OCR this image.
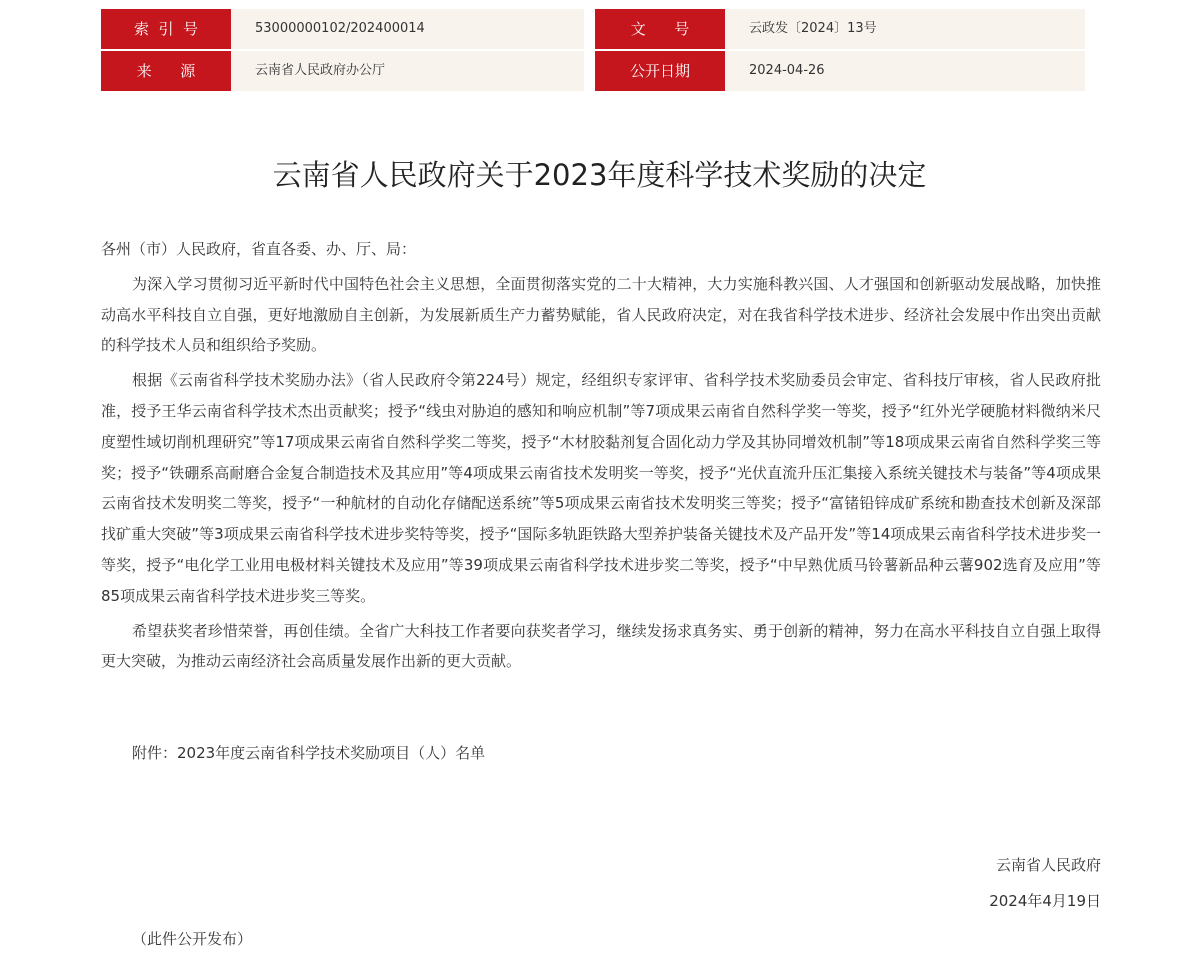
索  引  号	53000000102/202400014	文      号	云政发〔2024〕13号
来      源	云南省人民政府办公厅	公开日期	2024-04-26
云南省人民政府关于2023年度科学技术奖励的决定

各州（市）人民政府，省直各委、办、厅、局：

为深入学习贯彻习近平新时代中国特色社会主义思想，全面贯彻落实党的二十大精神，大力实施科教兴国、人才强国和创新驱动发展战略，加快推动高水平科技自立自强，更好地激励自主创新，为发展新质生产力蓄势赋能，省人民政府决定，对在我省科学技术进步、经济社会发展中作出突出贡献的科学技术人员和组织给予奖励。

根据《云南省科学技术奖励办法》（省人民政府令第224号）规定，经组织专家评审、省科学技术奖励委员会审定、省科技厅审核，省人民政府批准，授予王华云南省科学技术杰出贡献奖；授予“线虫对胁迫的感知和响应机制”等7项成果云南省自然科学奖一等奖，授予“红外光学硬脆材料微纳米尺度塑性域切削机理研究”等17项成果云南省自然科学奖二等奖，授予“木材胶黏剂复合固化动力学及其协同增效机制”等18项成果云南省自然科学奖三等奖；授予“铁硼系高耐磨合金复合制造技术及其应用”等4项成果云南省技术发明奖一等奖，授予“光伏直流升压汇集接入系统关键技术与装备”等4项成果云南省技术发明奖二等奖，授予“一种航材的自动化存储配送系统”等5项成果云南省技术发明奖三等奖；授予“富锗铅锌成矿系统和勘查技术创新及深部找矿重大突破”等3项成果云南省科学技术进步奖特等奖，授予“国际多轨距铁路大型养护装备关键技术及产品开发”等14项成果云南省科学技术进步奖一等奖，授予“电化学工业用电极材料关键技术及应用”等39项成果云南省科学技术进步奖二等奖，授予“中早熟优质马铃薯新品种云薯902选育及应用”等85项成果云南省科学技术进步奖三等奖。

希望获奖者珍惜荣誉，再创佳绩。全省广大科技工作者要向获奖者学习，继续发扬求真务实、勇于创新的精神，努力在高水平科技自立自强上取得更大突破，为推动云南经济社会高质量发展作出新的更大贡献。

附件：2023年度云南省科学技术奖励项目（人）名单
云南省人民政府
2024年4月19日
（此件公开发布）
